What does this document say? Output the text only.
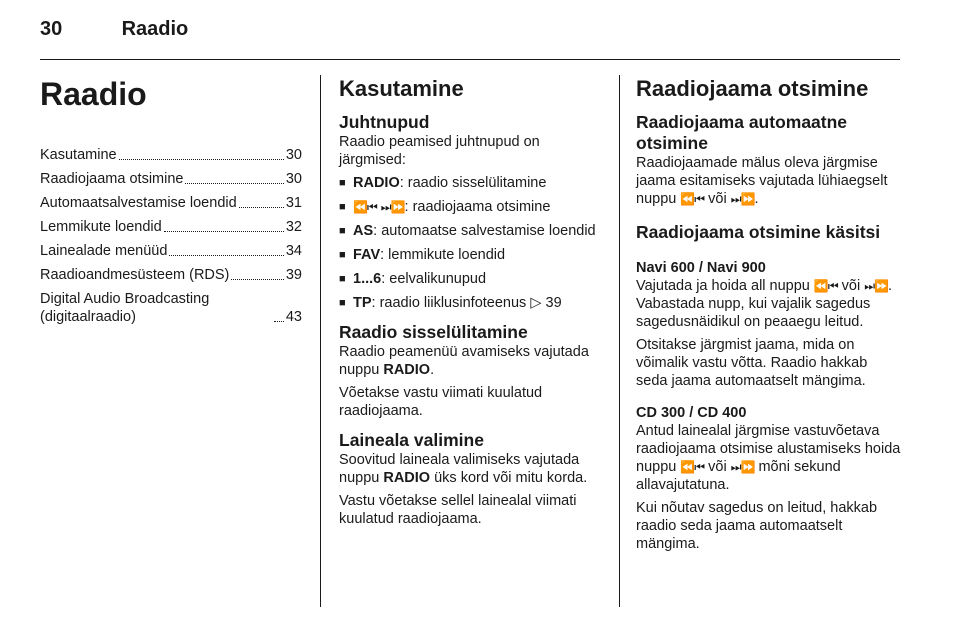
30	Raadio
Raadio
Kasutamine	30
Raadiojaama otsimine	30
Automaatsalvestamise loendid	31
Lemmikute loendid	32
Lainealade menüüd	34
Raadioandmesüsteem (RDS)	39
Digital Audio Broadcasting (digitaalraadio)	43
Kasutamine
Juhtnupud

Raadio peamised juhtnupud on järgmised:

■ RADIO: raadio sisselülitamine
■ ⏪⏮ ⏭⏩: raadiojaama otsimine
■ AS: automaatse salvestamise loendid
■ FAV: lemmikute loendid
■ 1...6: eelvalikunupud
■ TP: raadio liiklusinfoteenus ▷ 39
Raadio sisselülitamine

Raadio peamenüü avamiseks vajutada nuppu RADIO.

Võetakse vastu viimati kuulatud raadiojaama.

Laineala valimine

Soovitud laineala valimiseks vajutada nuppu RADIO üks kord või mitu korda.

Vastu võetakse sellel lainealal viimati kuulatud raadiojaama.

Raadiojaama otsimine
Raadiojaama automaatne otsimine

Raadiojaamade mälus oleva järgmise jaama esitamiseks vajutada lühiaegselt nuppu ⏪⏮ või ⏭⏩.

Raadiojaama otsimine käsitsi
Navi 600 / Navi 900

Vajutada ja hoida all nuppu ⏪⏮ või ⏭⏩. Vabastada nupp, kui vajalik sagedus sagedusnäidikul on peaaegu leitud.

Otsitakse järgmist jaama, mida on võimalik vastu võtta. Raadio hakkab seda jaama automaatselt mängima.

CD 300 / CD 400

Antud lainealal järgmise vastuvõetava raadiojaama otsimise alustamiseks hoida nuppu ⏪⏮ või ⏭⏩ mõni sekund allavajutatuna.

Kui nõutav sagedus on leitud, hakkab raadio seda jaama automaatselt mängima.
